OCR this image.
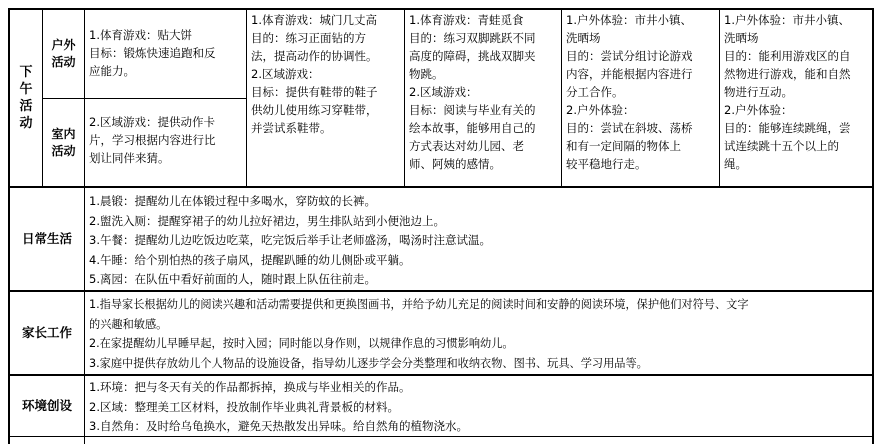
下
午
活
动
户外
活动
室内
活动
1.体育游戏：贴大饼
目标：锻炼快速追跑和反
应能力。
2.区域游戏：提供动作卡
片，学习根据内容进行比
划让同伴来猜。
1.体育游戏：城门几丈高
目的：练习正面钻的方
法，提高动作的协调性。
2.区域游戏：
目标：提供有鞋带的鞋子
供幼儿使用练习穿鞋带，
并尝试系鞋带。
1.体育游戏：青蛙觅食
目的：练习双脚跳跃不同
高度的障碍，挑战双脚夹
物跳。
2.区域游戏：
目标：阅读与毕业有关的
绘本故事，能够用自己的
方式表达对幼儿园、老
师、阿姨的感情。
1.户外体验：市井小镇、
洗晒场
目的：尝试分组讨论游戏
内容，并能根据内容进行
分工合作。
2.户外体验：
目的：尝试在斜坡、荡桥
和有一定间隔的物体上
较平稳地行走。
1.户外体验：市井小镇、
洗晒场
目的：能利用游戏区的自
然物进行游戏，能和自然
物进行互动。
2.户外体验：
目的：能够连续跳绳，尝
试连续跳十五个以上的
绳。
日常生活
1.晨锻：提醒幼儿在体锻过程中多喝水，穿防蚊的长裤。
2.盥洗入厕：提醒穿裙子的幼儿拉好裙边，男生排队站到小便池边上。
3.午餐：提醒幼儿边吃饭边吃菜，吃完饭后举手让老师盛汤，喝汤时注意试温。
4.午睡：给个别怕热的孩子扇风，提醒趴睡的幼儿侧卧或平躺。
5.离园：在队伍中看好前面的人，随时跟上队伍往前走。
家长工作
1.指导家长根据幼儿的阅读兴趣和活动需要提供和更换图画书，并给予幼儿充足的阅读时间和安静的阅读环境，保护他们对符号、文字
的兴趣和敏感。
2.在家提醒幼儿早睡早起，按时入园；同时能以身作则，以规律作息的习惯影响幼儿。
3.家庭中提供存放幼儿个人物品的设施设备，指导幼儿逐步学会分类整理和收纳衣物、图书、玩具、学习用品等。
环境创设
1.环境：把与冬天有关的作品都拆掉，换成与毕业相关的作品。
2.区域：整理美工区材料，投放制作毕业典礼背景板的材料。
3.自然角：及时给乌龟换水，避免天热散发出异味。给自然角的植物浇水。
